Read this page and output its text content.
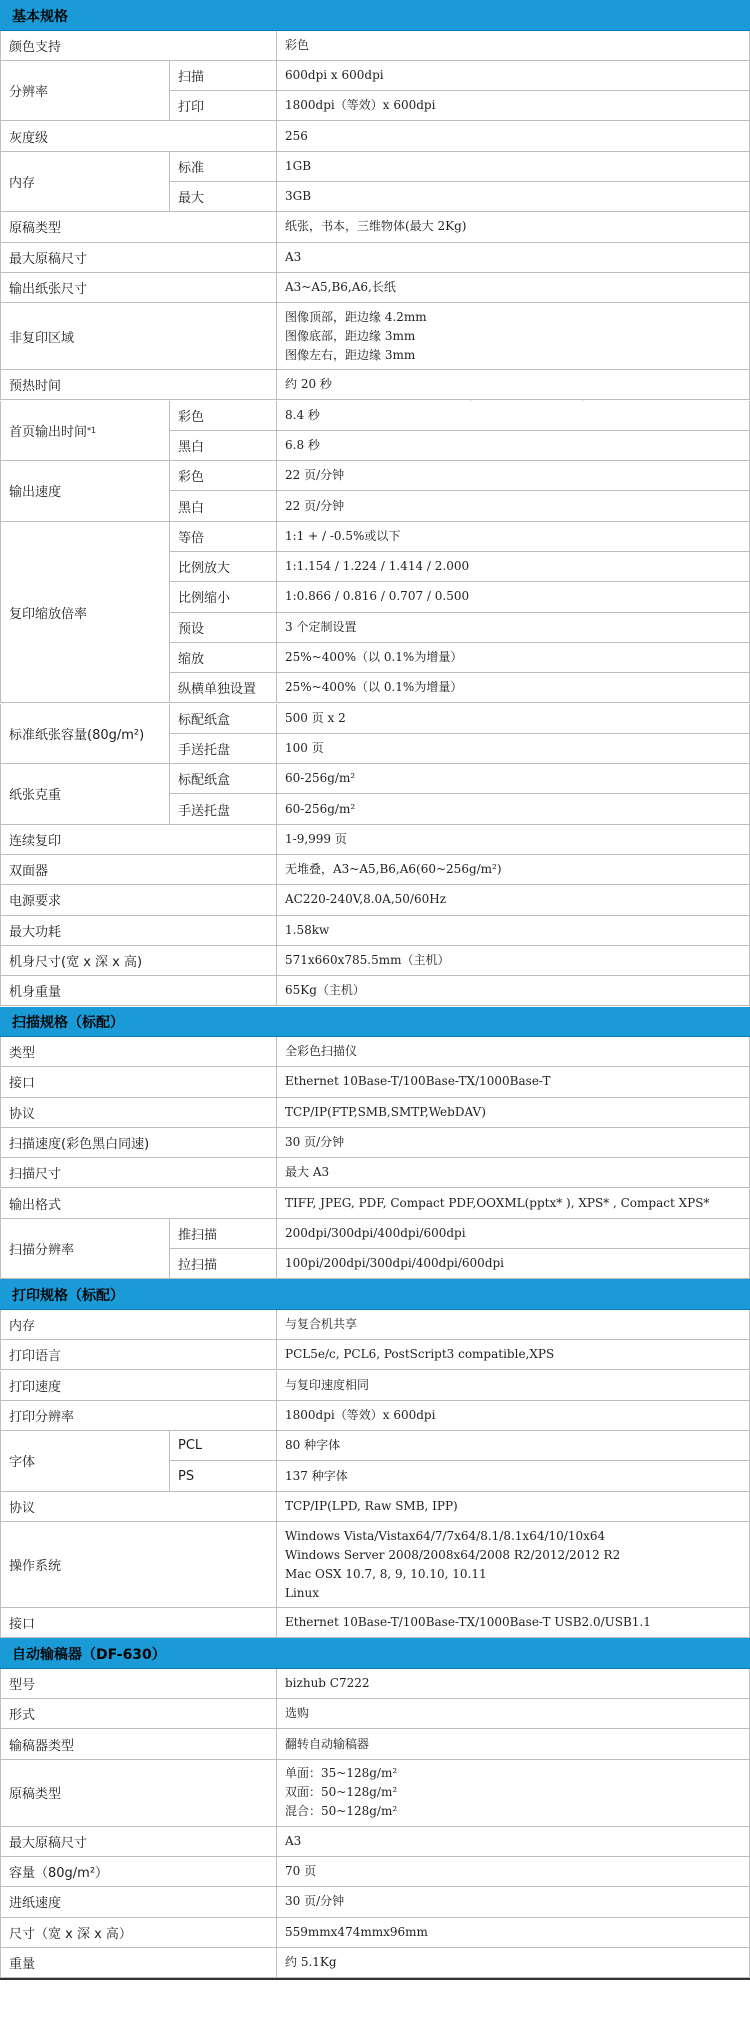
基本规格
颜色支持	彩色
分辨率
扫描	600dpi x 600dpi
打印	1800dpi（等效）x 600dpi
灰度级	256
内存
标准	1GB
最大	3GB
原稿类型	纸张，书本，三维物体(最大 2Kg)
最大原稿尺寸	A3
输出纸张尺寸	A3~A5,B6,A6,长纸
非复印区域
图像顶部，距边缘 4.2mm
图像底部，距边缘 3mm
图像左右，距边缘 3mm
预热时间	约 20 秒
首页输出时间 *1
彩色	8.4 秒
黑白	6.8 秒
输出速度
彩色	22 页/分钟
黑白	22 页/分钟
复印缩放倍率
等倍	1:1 + / -0.5%或以下
比例放大	1:1.154 / 1.224 / 1.414 / 2.000
比例缩小	1:0.866 / 0.816 / 0.707 / 0.500
预设	3 个定制设置
缩放	25%~400%（以 0.1%为增量）
纵横单独设置	25%~400%（以 0.1%为增量）
标准纸张容量(80g/m²)
标配纸盒	500 页 x 2
手送托盘	100 页
纸张克重
标配纸盒	60-256g/m²
手送托盘	60-256g/m²
连续复印	1-9,999 页
双面器	无堆叠，A3~A5,B6,A6(60~256g/m²)
电源要求	AC220-240V,8.0A,50/60Hz
最大功耗	1.58kw
机身尺寸(宽 x 深 x 高)	571x660x785.5mm（主机）
机身重量	65Kg（主机）
扫描规格（标配）
类型	全彩色扫描仪
接口	Ethernet 10Base-T/100Base-TX/1000Base-T
协议	TCP/IP(FTP,SMB,SMTP,WebDAV)
扫描速度(彩色黑白同速)	30 页/分钟
扫描尺寸	最大 A3
输出格式	TIFF, JPEG, PDF, Compact PDF,OOXML(pptx* ), XPS* , Compact XPS*
扫描分辨率
推扫描	200dpi/300dpi/400dpi/600dpi
拉扫描	100pi/200dpi/300dpi/400dpi/600dpi
打印规格（标配）
内存	与复合机共享
打印语言	PCL5e/c, PCL6, PostScript3 compatible,XPS
打印速度	与复印速度相同
打印分辨率	1800dpi（等效）x 600dpi
字体
PCL	80 种字体
PS	137 种字体
协议	TCP/IP(LPD, Raw SMB, IPP)
操作系统
Windows Vista/Vistax64/7/7x64/8.1/8.1x64/10/10x64
Windows Server 2008/2008x64/2008 R2/2012/2012 R2
Mac OSX 10.7, 8, 9, 10.10, 10.11
Linux
接口	Ethernet 10Base-T/100Base-TX/1000Base-T USB2.0/USB1.1
自动输稿器（DF-630）
型号	bizhub C7222
形式	选购
输稿器类型	翻转自动输稿器
原稿类型
单面：35~128g/m²
双面：50~128g/m²
混合：50~128g/m²
最大原稿尺寸	A3
容量（80g/m²）	70 页
进纸速度	30 页/分钟
尺寸（宽 x 深 x 高）	559mmx474mmx96mm
重量	约 5.1Kg
